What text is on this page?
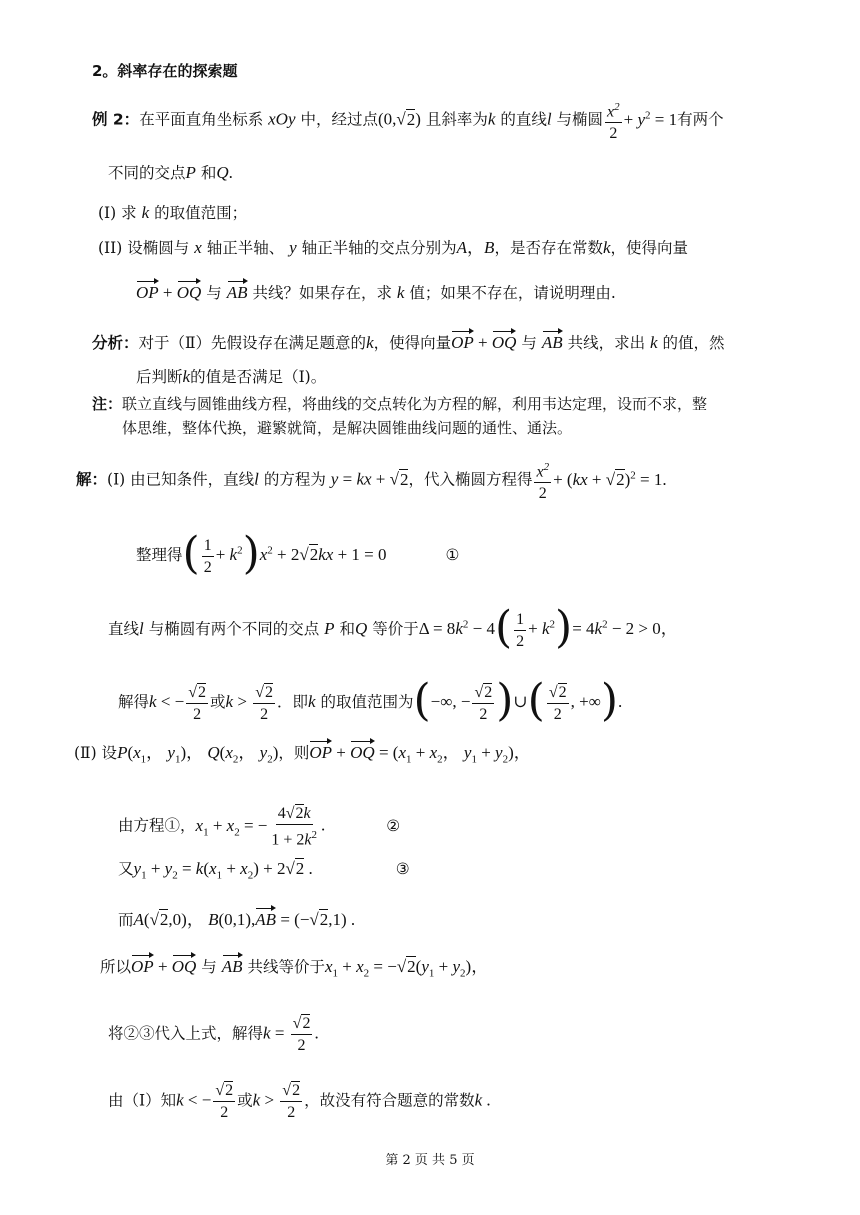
2。斜率存在的探索题
例 2：在平面直角坐标系 xOy 中，经过点(0,√2) 且斜率为k 的直线l 与椭圆 $\frac{x^2}{2} + y^2 = 1$有两个
不同的交点P 和Q.
(I) 求 k 的取值范围；
(II) 设椭圆与 x 轴正半轴、 y 轴正半轴的交点分别为A，B，是否存在常数k，使得向量
OP + OQ 与 AB 共线？如果存在，求 k 值；如果不存在，请说明理由.
分析：对于（Ⅱ）先假设存在满足题意的k，使得向量OP + OQ 与 AB 共线，求出 k 的值，然
后判断k的值是否满足（I)。
注：联立直线与圆锥曲线方程，将曲线的交点转化为方程的解，利用韦达定理，设而不求，整
体思维，整体代换，避繁就简，是解决圆锥曲线问题的通性、通法。
解：(Ⅰ) 由已知条件，直线l 的方程为 y = kx + √2，代入椭圆方程得 $\frac{x^2}{2} + (kx + √2)^2 = 1$.
整理得( $\frac{1}{2} + k^2)x^2 + 2√2kx + 1 = 0$	①
直线l 与椭圆有两个不同的交点 P 和Q 等价于$\Delta = 8k^2 - 4( \frac{1}{2} + k^2)= 4k^2 - 2 > 0$，
解得k < − $\frac{√2}{2}$ 或$k > \frac{√2}{2}$ ．即k 的取值范围为(−∞, − $\frac{√2}{2}$ )∪( $\frac{√2}{2}$ , +∞).
(Ⅱ) 设$P(x_1$， $y_1$)， $Q(x_2$， $y_2$)，则OP + OQ = ($x_1 + x_2$， $y_1 + y_2$)，
由方程①，$x_1 + x_2$ = − $\frac{4√2k}{1 + 2k^2}$ .	②
又$y_1 + y_2 = k(x_1 + x_2) + 2√2$ .	③
而A(√2,0)， B(0,1),AB = (−√2,1) .
所以OP + OQ 与 AB 共线等价于$x_1 + x_2 = -√2(y_1 + y_2)$，
将②③代入上式，解得$k = \frac{√2}{2}$ .
由（Ⅰ）知k < − $\frac{√2}{2}$ 或$k > \frac{√2}{2}$ ，故没有符合题意的常数k .
第 2 页 共 5 页
